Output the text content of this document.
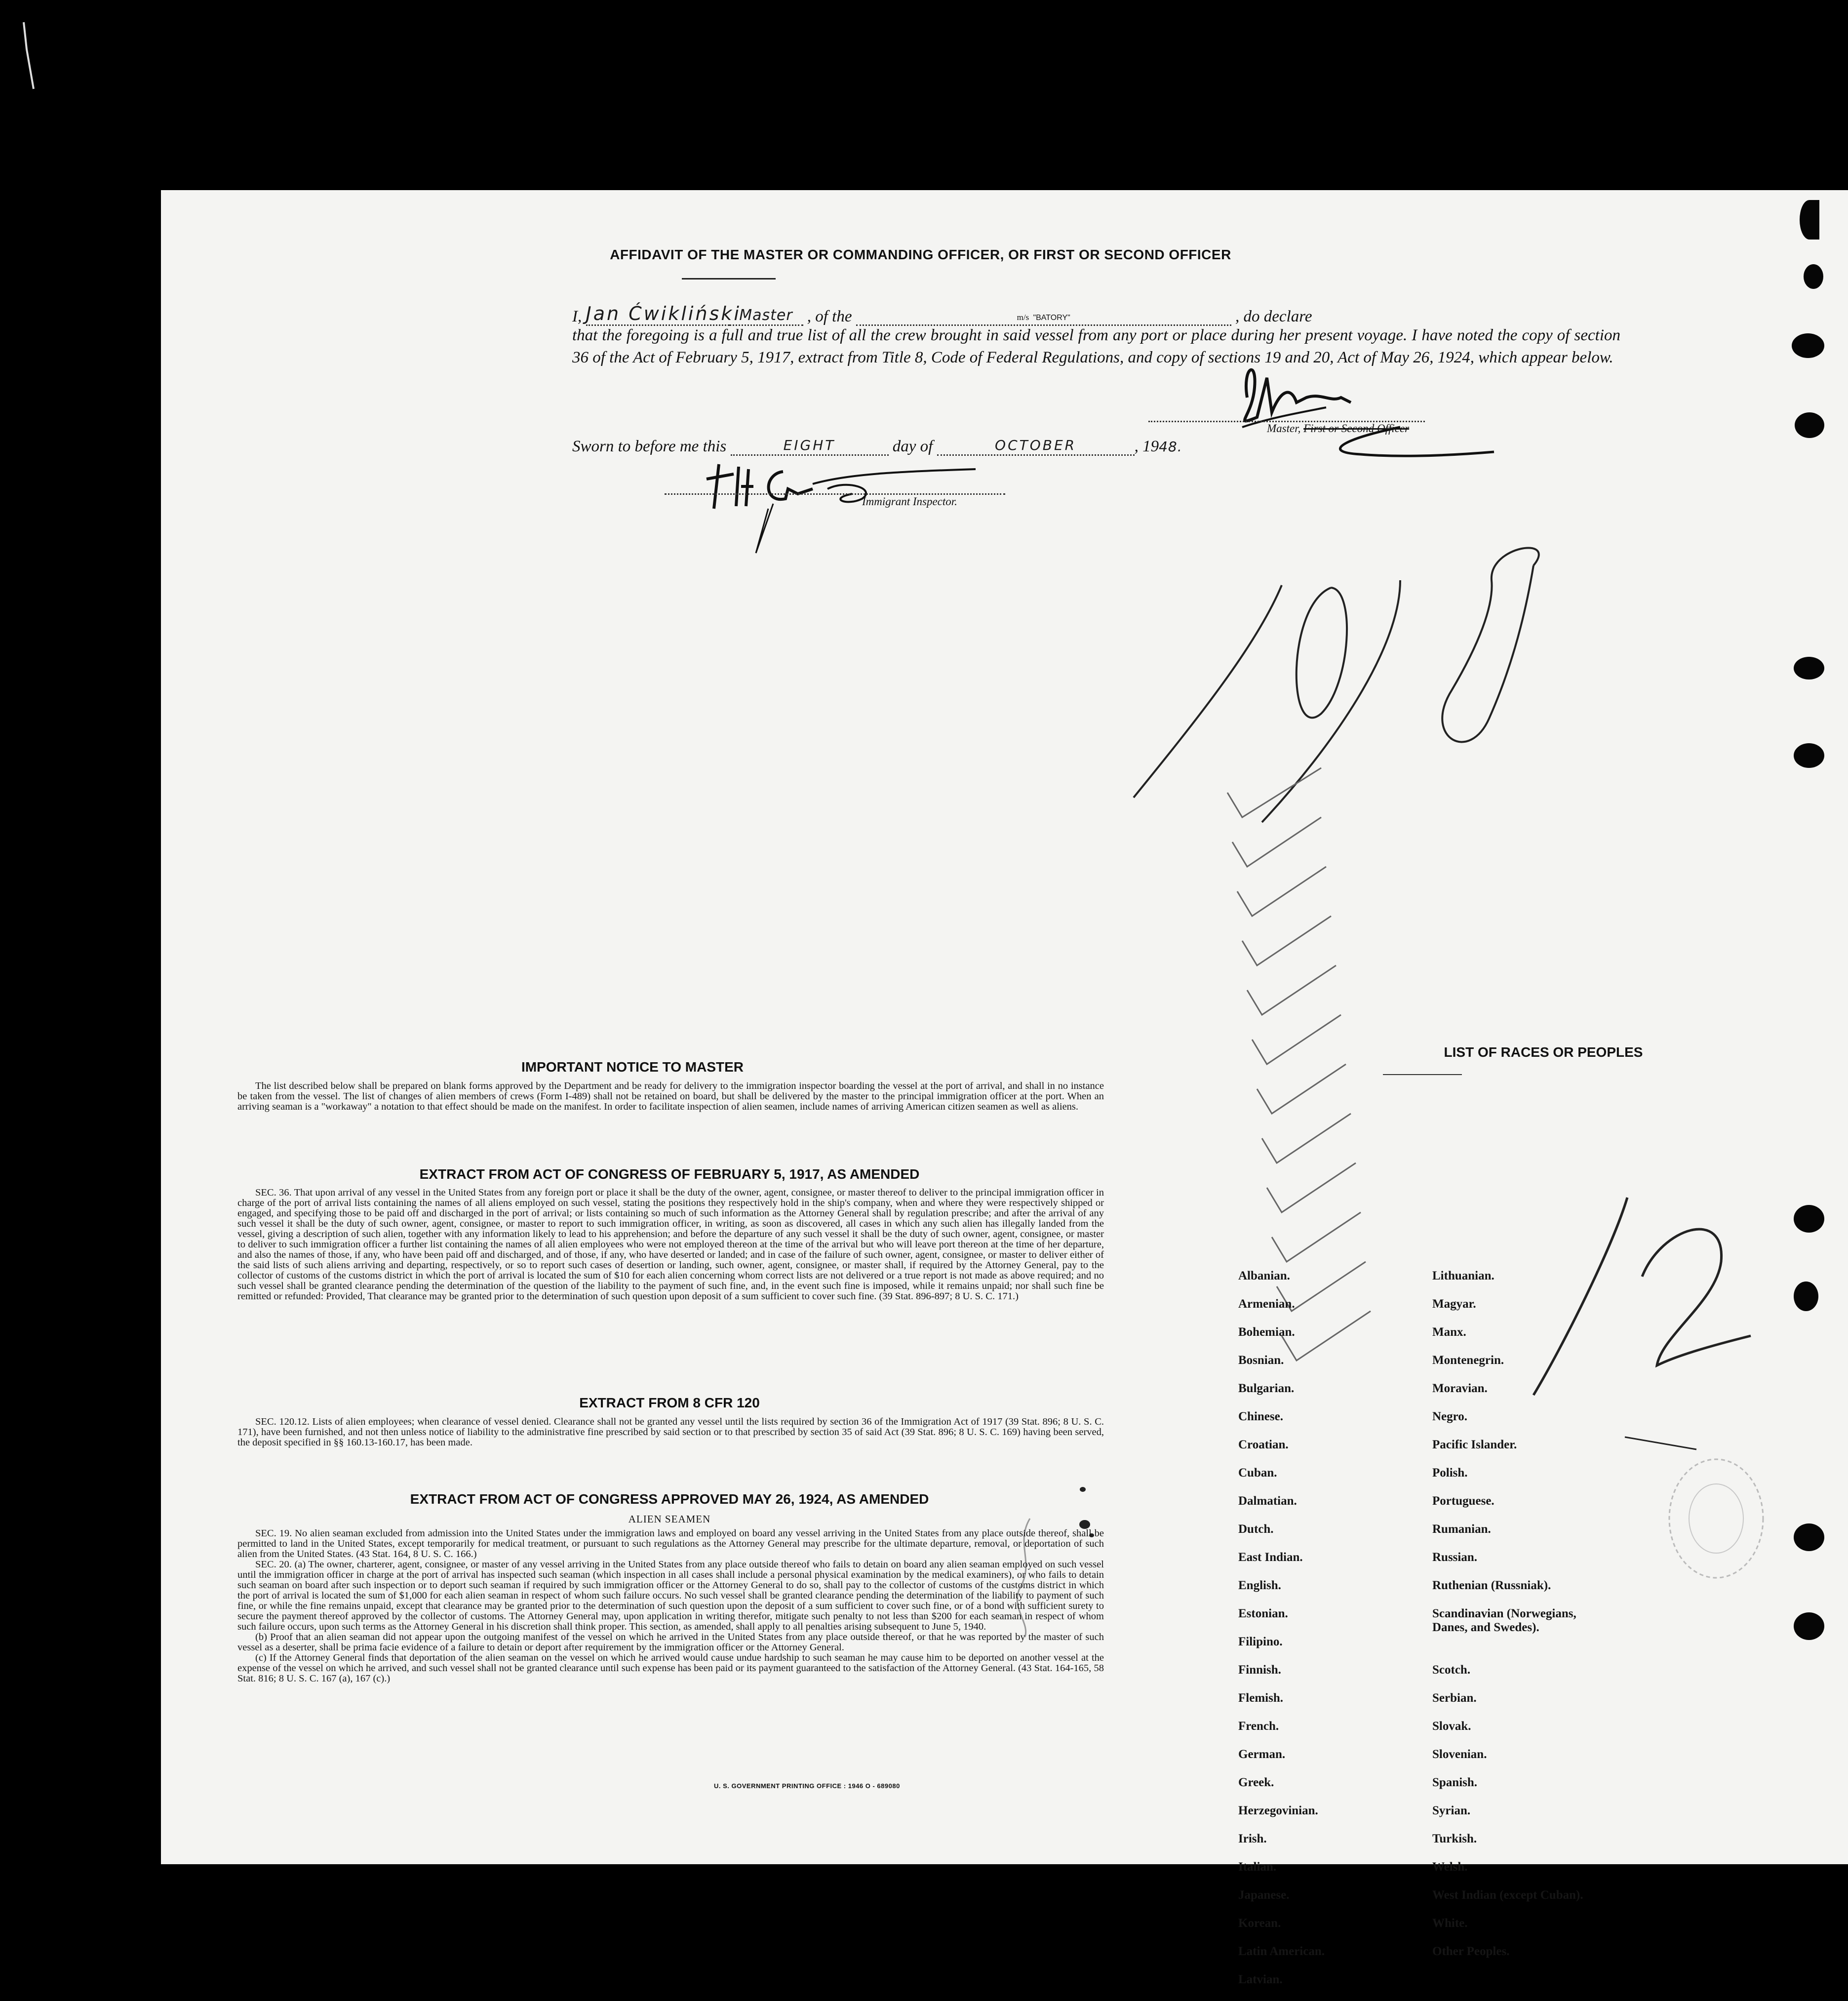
AFFIDAVIT OF THE MASTER OR COMMANDING OFFICER, OR FIRST OR SECOND OFFICER
I, Jan ĆwiklińskiMaster , of the	m/s "BATORY"	, do declare
that the foregoing is a full and true list of all the crew brought in said vessel from any port or place during her present voyage. I have noted the copy of section 36 of the Act of February 5, 1917, extract from Title 8, Code of Federal Regulations, and copy of sections 19 and 20, Act of May 26, 1924, which appear below.
Master, First or Second Officer
Sworn to before me this	EIGHT	day of	OCTOBER	, 1948.
Immigrant Inspector.
IMPORTANT NOTICE TO MASTER

The list described below shall be prepared on blank forms approved by the Department and be ready for delivery to the immigration inspector boarding the vessel at the port of arrival, and shall in no instance be taken from the vessel. The list of changes of alien members of crews (Form I-489) shall not be retained on board, but shall be delivered by the master to the principal immigration officer at the port. When an arriving seaman is a "workaway" a notation to that effect should be made on the manifest. In order to facilitate inspection of alien seamen, include names of arriving American citizen seamen as well as aliens.

EXTRACT FROM ACT OF CONGRESS OF FEBRUARY 5, 1917, AS AMENDED

SEC. 36. That upon arrival of any vessel in the United States from any foreign port or place it shall be the duty of the owner, agent, consignee, or master thereof to deliver to the principal immigration officer in charge of the port of arrival lists containing the names of all aliens employed on such vessel, stating the positions they respectively hold in the ship's company, when and where they were respectively shipped or engaged, and specifying those to be paid off and discharged in the port of arrival; or lists containing so much of such information as the Attorney General shall by regulation prescribe; and after the arrival of any such vessel it shall be the duty of such owner, agent, consignee, or master to report to such immigration officer, in writing, as soon as discovered, all cases in which any such alien has illegally landed from the vessel, giving a description of such alien, together with any information likely to lead to his apprehension; and before the departure of any such vessel it shall be the duty of such owner, agent, consignee, or master to deliver to such immigration officer a further list containing the names of all alien employees who were not employed thereon at the time of the arrival but who will leave port thereon at the time of her departure, and also the names of those, if any, who have been paid off and discharged, and of those, if any, who have deserted or landed; and in case of the failure of such owner, agent, consignee, or master to deliver either of the said lists of such aliens arriving and departing, respectively, or so to report such cases of desertion or landing, such owner, agent, consignee, or master shall, if required by the Attorney General, pay to the collector of customs of the customs district in which the port of arrival is located the sum of $10 for each alien concerning whom correct lists are not delivered or a true report is not made as above required; and no such vessel shall be granted clearance pending the determination of the question of the liability to the payment of such fine, and, in the event such fine is imposed, while it remains unpaid; nor shall such fine be remitted or refunded: Provided, That clearance may be granted prior to the determination of such question upon deposit of a sum sufficient to cover such fine. (39 Stat. 896-897; 8 U. S. C. 171.)

EXTRACT FROM 8 CFR 120

SEC. 120.12. Lists of alien employees; when clearance of vessel denied. Clearance shall not be granted any vessel until the lists required by section 36 of the Immigration Act of 1917 (39 Stat. 896; 8 U. S. C. 171), have been furnished, and not then unless notice of liability to the administrative fine prescribed by said section or to that prescribed by section 35 of said Act (39 Stat. 896; 8 U. S. C. 169) having been served, the deposit specified in §§ 160.13-160.17, has been made.

EXTRACT FROM ACT OF CONGRESS APPROVED MAY 26, 1924, AS AMENDED
ALIEN SEAMEN

SEC. 19. No alien seaman excluded from admission into the United States under the immigration laws and employed on board any vessel arriving in the United States from any place outside thereof, shall be permitted to land in the United States, except temporarily for medical treatment, or pursuant to such regulations as the Attorney General may prescribe for the ultimate departure, removal, or deportation of such alien from the United States. (43 Stat. 164, 8 U. S. C. 166.)

SEC. 20. (a) The owner, charterer, agent, consignee, or master of any vessel arriving in the United States from any place outside thereof who fails to detain on board any alien seaman employed on such vessel until the immigration officer in charge at the port of arrival has inspected such seaman (which inspection in all cases shall include a personal physical examination by the medical examiners), or who fails to detain such seaman on board after such inspection or to deport such seaman if required by such immigration officer or the Attorney General to do so, shall pay to the collector of customs of the customs district in which the port of arrival is located the sum of $1,000 for each alien seaman in respect of whom such failure occurs. No such vessel shall be granted clearance pending the determination of the liability to payment of such fine, or while the fine remains unpaid, except that clearance may be granted prior to the determination of such question upon the deposit of a sum sufficient to cover such fine, or of a bond with sufficient surety to secure the payment thereof approved by the collector of customs. The Attorney General may, upon application in writing therefor, mitigate such penalty to not less than $200 for each seaman in respect of whom such failure occurs, upon such terms as the Attorney General in his discretion shall think proper. This section, as amended, shall apply to all penalties arising subsequent to June 5, 1940.

(b) Proof that an alien seaman did not appear upon the outgoing manifest of the vessel on which he arrived in the United States from any place outside thereof, or that he was reported by the master of such vessel as a deserter, shall be prima facie evidence of a failure to detain or deport after requirement by the immigration officer or the Attorney General.

(c) If the Attorney General finds that deportation of the alien seaman on the vessel on which he arrived would cause undue hardship to such seaman he may cause him to be deported on another vessel at the expense of the vessel on which he arrived, and such vessel shall not be granted clearance until such expense has been paid or its payment guaranteed to the satisfaction of the Attorney General. (43 Stat. 164-165, 58 Stat. 816; 8 U. S. C. 167 (a), 167 (c).)

U. S. GOVERNMENT PRINTING OFFICE : 1946 O - 689080
LIST OF RACES OR PEOPLES
Albanian.
Armenian.
Bohemian.
Bosnian.
Bulgarian.
Chinese.
Croatian.
Cuban.
Dalmatian.
Dutch.
East Indian.
English.
Estonian.
Filipino.
Finnish.
Flemish.
French.
German.
Greek.
Herzegovinian.
Irish.
Italian.
Japanese.
Korean.
Latin American.
Latvian.
Lithuanian.
Magyar.
Manx.
Montenegrin.
Moravian.
Negro.
Pacific Islander.
Polish.
Portuguese.
Rumanian.
Russian.
Ruthenian (Russniak).
Scandinavian (Norwegians, Danes, and Swedes).
Scotch.
Serbian.
Slovak.
Slovenian.
Spanish.
Syrian.
Turkish.
Welsh.
West Indian (except Cuban).
White.
Other Peoples.
